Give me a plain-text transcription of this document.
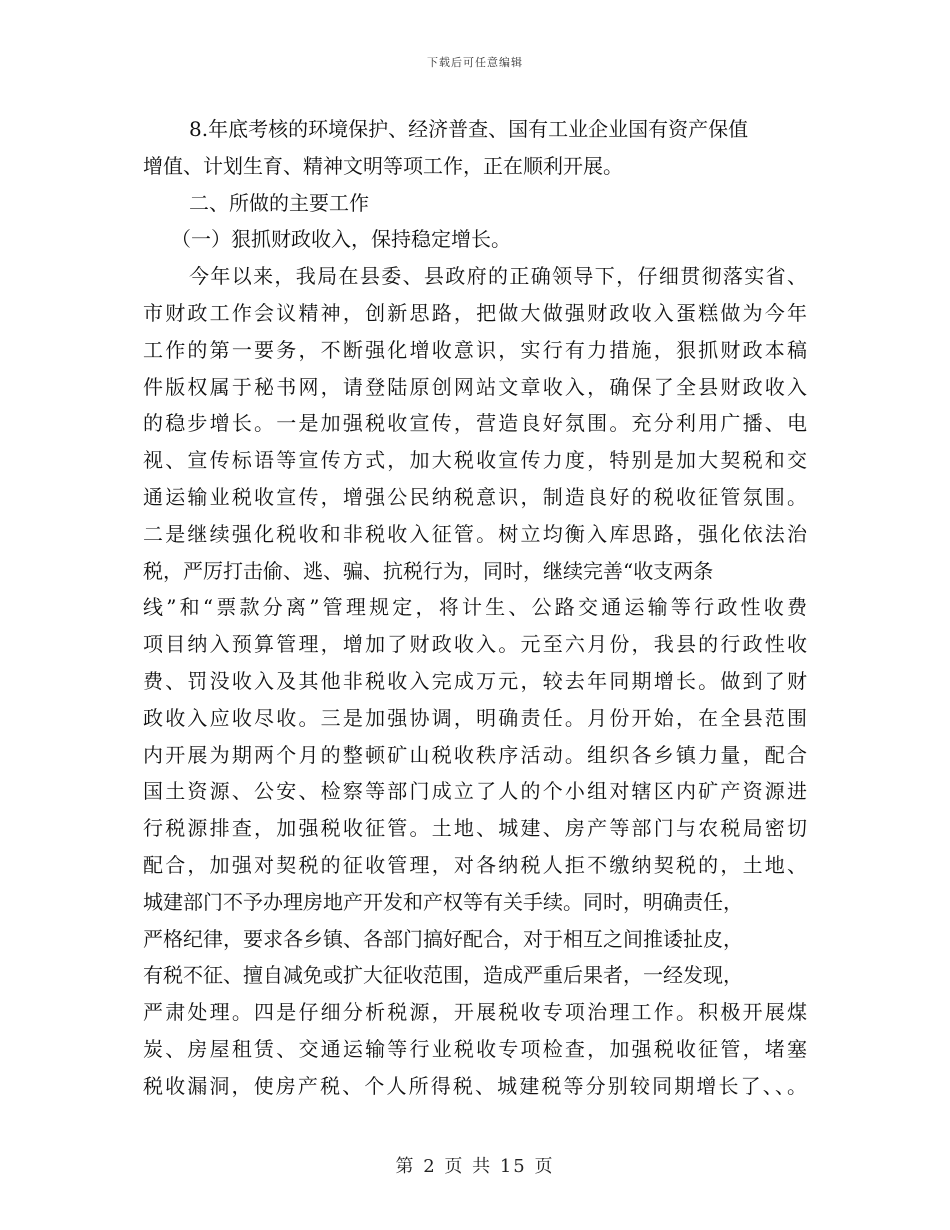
下载后可任意编辑
8.年底考核的环境保护、经济普查、国有工业企业国有资产保值
增值、计划生育、精神文明等项工作，正在顺利开展。
二、所做的主要工作
（一）狠抓财政收入，保持稳定增长。
今年以来，我局在县委、县政府的正确领导下，仔细贯彻落实省、
市财政工作会议精神，创新思路，把做大做强财政收入蛋糕做为今年
工作的第一要务，不断强化增收意识，实行有力措施，狠抓财政本稿
件版权属于秘书网，请登陆原创网站文章收入，确保了全县财政收入
的稳步增长。一是加强税收宣传，营造良好氛围。充分利用广播、电
视、宣传标语等宣传方式，加大税收宣传力度，特别是加大契税和交
通运输业税收宣传，增强公民纳税意识，制造良好的税收征管氛围。
二是继续强化税收和非税收入征管。树立均衡入库思路，强化依法治
税，严厉打击偷、逃、骗、抗税行为，同时，继续完善“收支两条
线”和“票款分离”管理规定，将计生、公路交通运输等行政性收费
项目纳入预算管理，增加了财政收入。元至六月份，我县的行政性收
费、罚没收入及其他非税收入完成万元，较去年同期增长。做到了财
政收入应收尽收。三是加强协调，明确责任。月份开始，在全县范围
内开展为期两个月的整顿矿山税收秩序活动。组织各乡镇力量，配合
国土资源、公安、检察等部门成立了人的个小组对辖区内矿产资源进
行税源排查，加强税收征管。土地、城建、房产等部门与农税局密切
配合，加强对契税的征收管理，对各纳税人拒不缴纳契税的，土地、
城建部门不予办理房地产开发和产权等有关手续。同时，明确责任，
严格纪律，要求各乡镇、各部门搞好配合，对于相互之间推诿扯皮，
有税不征、擅自减免或扩大征收范围，造成严重后果者，一经发现，
严肃处理。四是仔细分析税源，开展税收专项治理工作。积极开展煤
炭、房屋租赁、交通运输等行业税收专项检查，加强税收征管，堵塞
税收漏洞，使房产税、个人所得税、城建税等分别较同期增长了、、。
第 2 页 共 15 页
